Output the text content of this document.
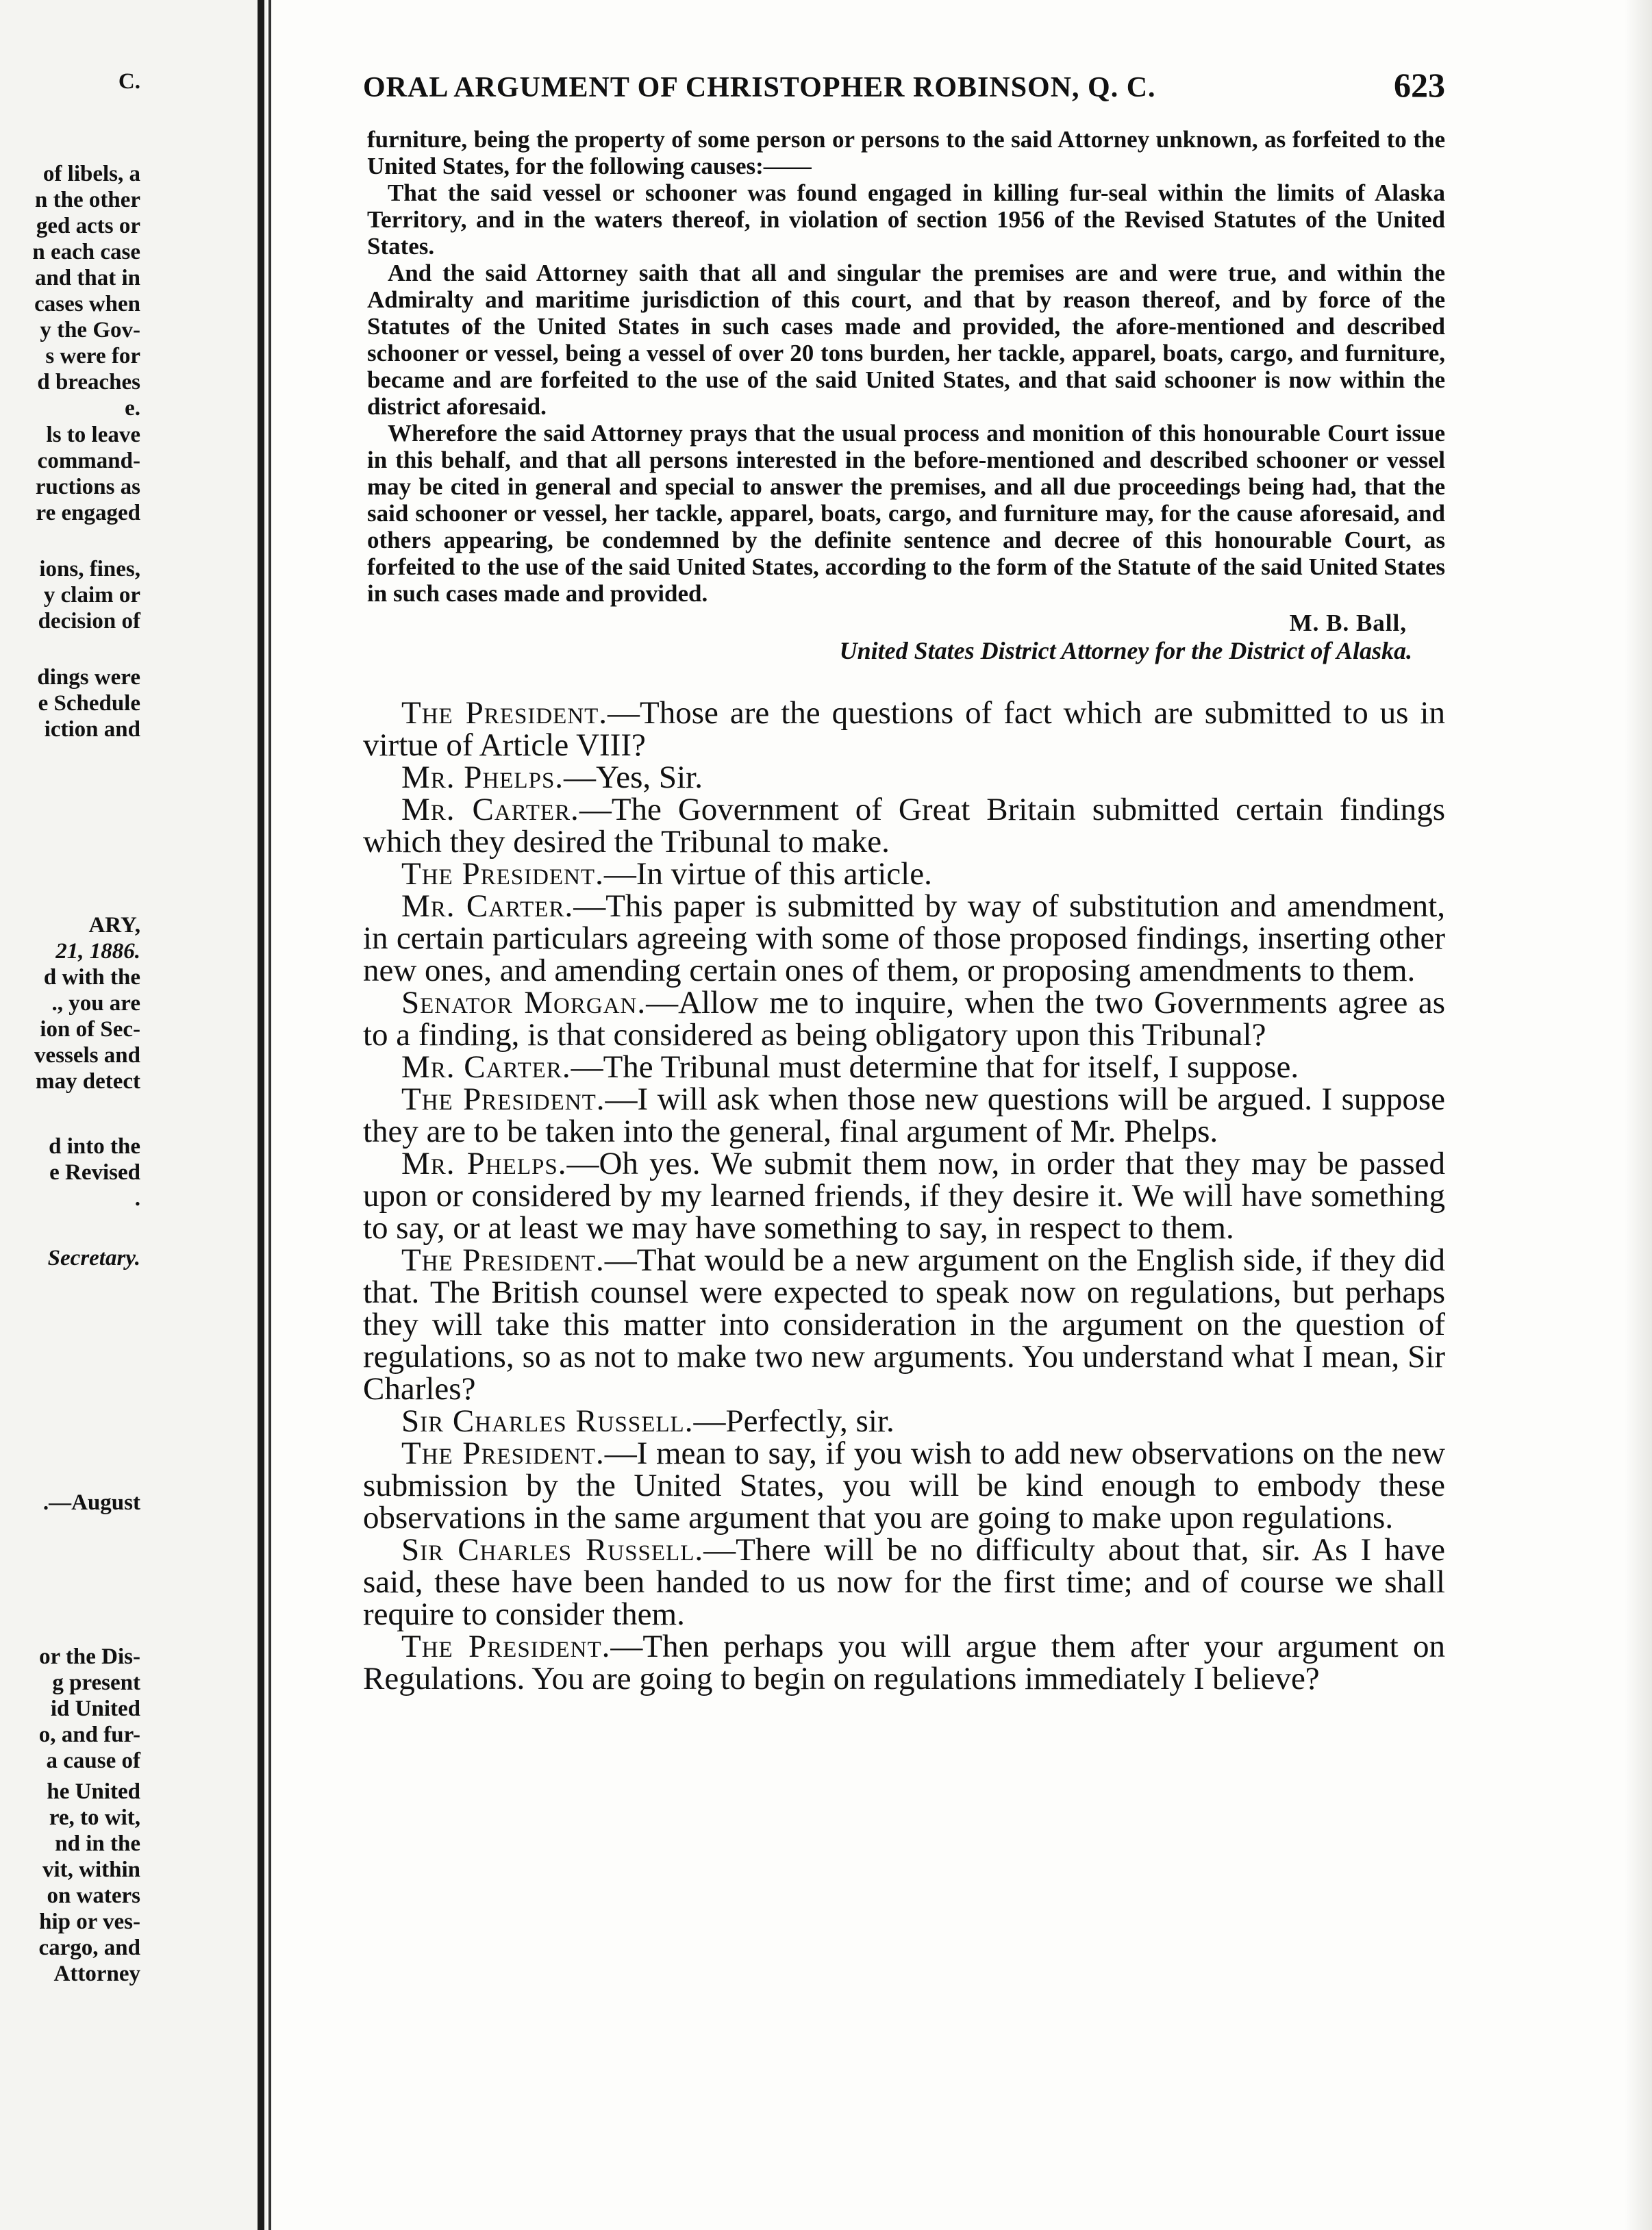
C.
of libels, a
n the other
ged acts or
n each case
and that in
cases when
y the Gov-
s were for
d breaches
e.
ls to leave
command-
ructions as
re engaged
ions, fines,
y claim or
decision of
dings were
e Schedule
iction and
ARY,
21, 1886.
d with the
., you are
ion of Sec-
vessels and
may detect
d into the
e Revised
.
Secretary.
.—August
or the Dis-
g present
id United
o, and fur-
a cause of
he United
re, to wit,
nd in the
vit, within
on waters
hip or ves-
cargo, and
Attorney
ORAL ARGUMENT OF CHRISTOPHER ROBINSON, Q. C.	623

furniture, being the property of some person or persons to the said Attorney unknown, as forfeited to the United States, for the following causes:——

That the said vessel or schooner was found engaged in killing fur-seal within the limits of Alaska Territory, and in the waters thereof, in violation of section 1956 of the Revised Statutes of the United States.

And the said Attorney saith that all and singular the premises are and were true, and within the Admiralty and maritime jurisdiction of this court, and that by reason thereof, and by force of the Statutes of the United States in such cases made and provided, the afore-mentioned and described schooner or vessel, being a vessel of over 20 tons burden, her tackle, apparel, boats, cargo, and furniture, became and are forfeited to the use of the said United States, and that said schooner is now within the district aforesaid.

Wherefore the said Attorney prays that the usual process and monition of this honourable Court issue in this behalf, and that all persons interested in the before-mentioned and described schooner or vessel may be cited in general and special to answer the premises, and all due proceedings being had, that the said schooner or vessel, her tackle, apparel, boats, cargo, and furniture may, for the cause aforesaid, and others appearing, be condemned by the definite sentence and decree of this honourable Court, as forfeited to the use of the said United States, according to the form of the Statute of the said United States in such cases made and provided.

M. B. Ball,
United States District Attorney for the District of Alaska.

The President.—Those are the questions of fact which are submitted to us in virtue of Article VIII?

Mr. Phelps.—Yes, Sir.

Mr. Carter.—The Government of Great Britain submitted certain findings which they desired the Tribunal to make.

The President.—In virtue of this article.

Mr. Carter.—This paper is submitted by way of substitution and amendment, in certain particulars agreeing with some of those proposed findings, inserting other new ones, and amending certain ones of them, or proposing amendments to them.

Senator Morgan.—Allow me to inquire, when the two Governments agree as to a finding, is that considered as being obligatory upon this Tribunal?

Mr. Carter.—The Tribunal must determine that for itself, I suppose.

The President.—I will ask when those new questions will be argued. I suppose they are to be taken into the general, final argument of Mr. Phelps.

Mr. Phelps.—Oh yes. We submit them now, in order that they may be passed upon or considered by my learned friends, if they desire it. We will have something to say, or at least we may have something to say, in respect to them.

The President.—That would be a new argument on the English side, if they did that. The British counsel were expected to speak now on regulations, but perhaps they will take this matter into consideration in the argument on the question of regulations, so as not to make two new arguments. You understand what I mean, Sir Charles?

Sir Charles Russell.—Perfectly, sir.

The President.—I mean to say, if you wish to add new observations on the new submission by the United States, you will be kind enough to embody these observations in the same argument that you are going to make upon regulations.

Sir Charles Russell.—There will be no difficulty about that, sir. As I have said, these have been handed to us now for the first time; and of course we shall require to consider them.

The President.—Then perhaps you will argue them after your argument on Regulations. You are going to begin on regulations immediately I believe?
